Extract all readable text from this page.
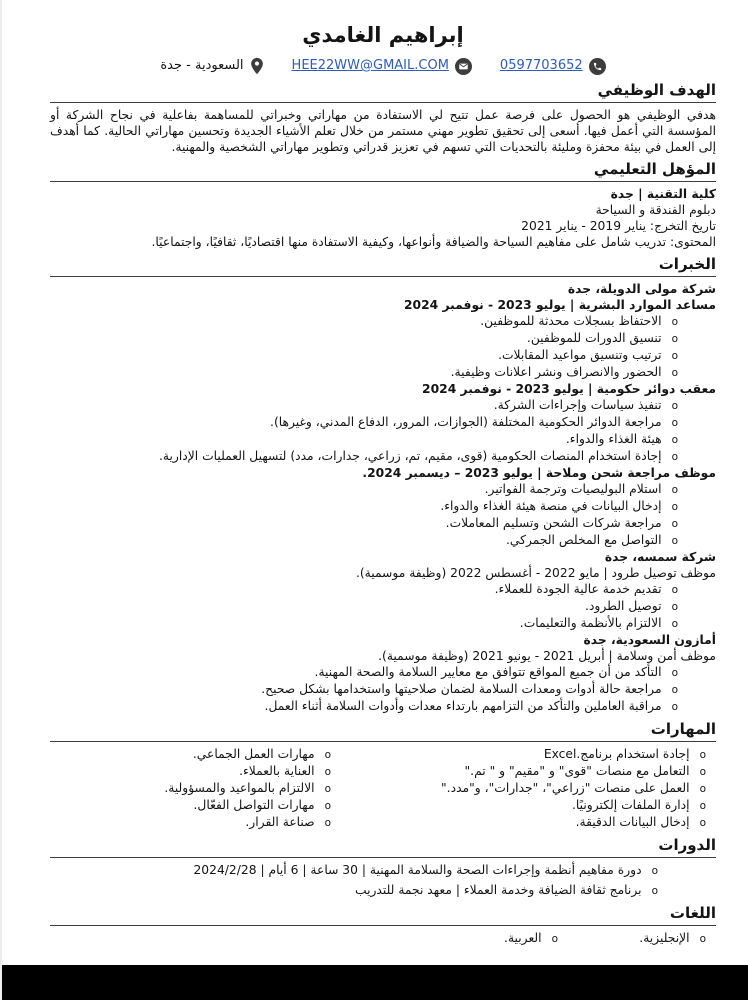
إبراهيم الغامدي
0597703652
HEE22WW@GMAIL.COM
السعودية - جدة
الهدف الوظيفي
هدفي الوظيفي هو الحصول على فرصة عمل تتيح لي الاستفادة من مهاراتي وخبراتي للمساهمة بفاعلية في نجاح الشركة أو المؤسسة التي أعمل فيها. أسعى إلى تحقيق تطوير مهني مستمر من خلال تعلم الأشياء الجديدة وتحسين مهاراتي الحالية. كما أهدف إلى العمل في بيئة محفزة ومليئة بالتحديات التي تسهم في تعزيز قدراتي وتطوير مهاراتي الشخصية والمهنية.
المؤهل التعليمي
كلية التقنية | جدة
دبلوم الفندقة و السياحة
تاريخ التخرج: يناير 2019 - يناير 2021
المحتوى: تدريب شامل على مفاهيم السياحة والضيافة وأنواعها، وكيفية الاستفادة منها اقتصاديًا، ثقافيًا، واجتماعيًا.
الخبرات
شركة مولى الدويلة، جدة
مساعد الموارد البشرية | يوليو 2023 - نوفمبر 2024
o
الاحتفاظ بسجلات محدثة للموظفين.
o
تنسيق الدورات للموظفين.
o
ترتيب وتنسيق مواعيد المقابلات.
o
الحضور والانصراف ونشر اعلانات وظيفية.
معقب دوائر حكومية | يوليو 2023 - نوفمبر 2024
o
تنفيذ سياسات وإجراءات الشركة.
o
مراجعة الدوائر الحكومية المختلفة (الجوازات، المرور، الدفاع المدني، وغيرها).
o
هيئة الغذاء والدواء.
o
إجادة استخدام المنصات الحكومية (قوى، مقيم، تم، زراعي، جدارات، مدد) لتسهيل العمليات الإدارية.
موظف مراجعة شحن وملاحة | يوليو 2023 – ديسمبر 2024.
o
استلام البوليصيات وترجمة الفواتير.
o
إدخال البيانات في منصة هيئة الغذاء والدواء.
o
مراجعة شركات الشحن وتسليم المعاملات.
o
التواصل مع المخلص الجمركي.
شركة سمسه، جدة
موظف توصيل طرود | مايو 2022 - أغسطس 2022 (وظيفة موسمية).
o
تقديم خدمة عالية الجودة للعملاء.
o
توصيل الطرود.
o
الالتزام بالأنظمة والتعليمات.
أمازون السعودية، جدة
موظف أمن وسلامة | أبريل 2021 - يونيو 2021 (وظيفة موسمية).
o
التأكد من أن جميع المواقع تتوافق مع معايير السلامة والصحة المهنية.
o
مراجعة حالة أدوات ومعدات السلامة لضمان صلاحيتها واستخدامها بشكل صحيح.
o
مراقبة العاملين والتأكد من التزامهم بارتداء معدات وأدوات السلامة أثناء العمل.
المهارات
o
إجادة استخدام برنامج.Excel
o
التعامل مع منصات "قوى" و "مقيم" و " تم."
o
العمل على منصات "زراعي"، "جدارات"، و"مدد."
o
إدارة الملفات إلكترونيًا.
o
إدخال البيانات الدقيقة.
o
مهارات العمل الجماعي.
o
العناية بالعملاء.
o
الالتزام بالمواعيد والمسؤولية.
o
مهارات التواصل الفعّال.
o
صناعة القرار.
الدورات
o
دورة مفاهيم أنظمة وإجراءات الصحة والسلامة المهنية | 30 ساعة | 6 أيام | 2024/2/28
o
برنامج ثقافة الضيافة وخدمة العملاء | معهد نجمة للتدريب
اللغات
o
الإنجليزية.
o
العربية.
